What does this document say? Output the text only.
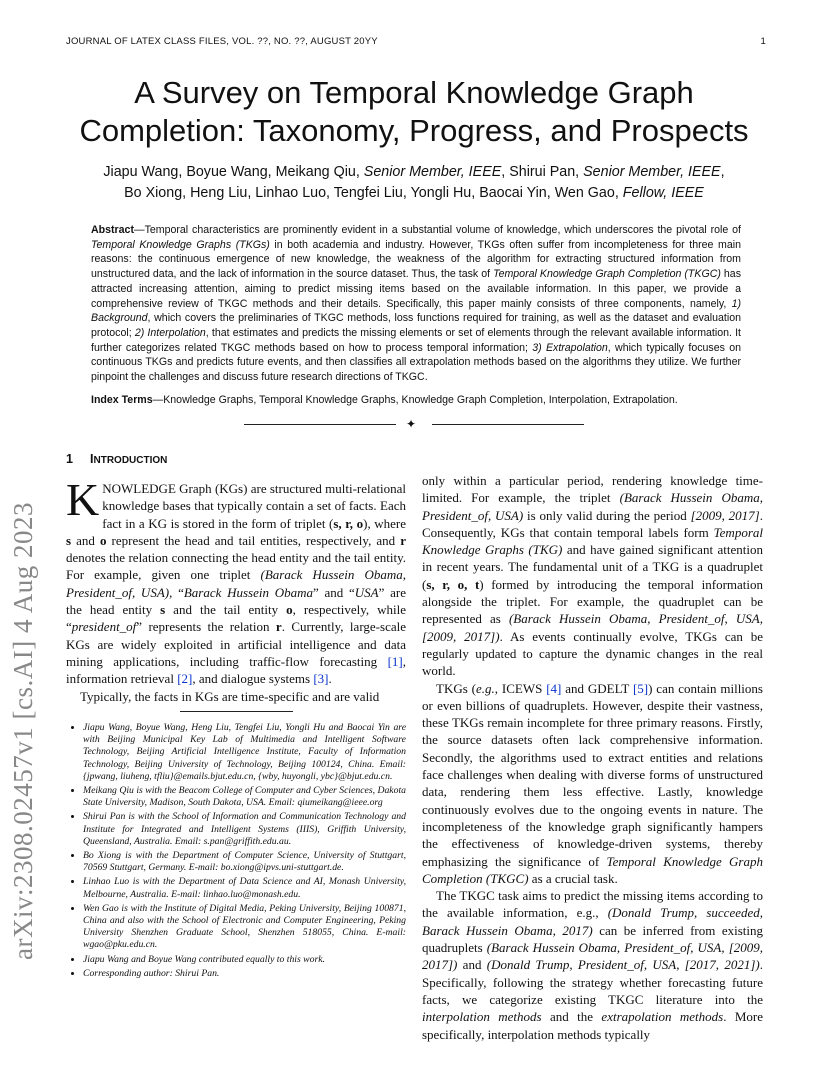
JOURNAL OF LATEX CLASS FILES, VOL. ??, NO. ??, AUGUST 20YY	1
arXiv:2308.02457v1 [cs.AI] 4 Aug 2023
A Survey on Temporal Knowledge Graph
Completion: Taxonomy, Progress, and Prospects
Jiapu Wang, Boyue Wang, Meikang Qiu, Senior Member, IEEE, Shirui Pan, Senior Member, IEEE,
Bo Xiong, Heng Liu, Linhao Luo, Tengfei Liu, Yongli Hu, Baocai Yin, Wen Gao, Fellow, IEEE
Abstract—Temporal characteristics are prominently evident in a substantial volume of knowledge, which underscores the pivotal role of Temporal Knowledge Graphs (TKGs) in both academia and industry. However, TKGs often suffer from incompleteness for three main reasons: the continuous emergence of new knowledge, the weakness of the algorithm for extracting structured information from unstructured data, and the lack of information in the source dataset. Thus, the task of Temporal Knowledge Graph Completion (TKGC) has attracted increasing attention, aiming to predict missing items based on the available information. In this paper, we provide a comprehensive review of TKGC methods and their details. Specifically, this paper mainly consists of three components, namely, 1) Background, which covers the preliminaries of TKGC methods, loss functions required for training, as well as the dataset and evaluation protocol; 2) Interpolation, that estimates and predicts the missing elements or set of elements through the relevant available information. It further categorizes related TKGC methods based on how to process temporal information; 3) Extrapolation, which typically focuses on continuous TKGs and predicts future events, and then classifies all extrapolation methods based on the algorithms they utilize. We further pinpoint the challenges and discuss future research directions of TKGC.
Index Terms—Knowledge Graphs, Temporal Knowledge Graphs, Knowledge Graph Completion, Interpolation, Extrapolation.
✦
1 INTRODUCTION

KNOWLEDGE Graph (KGs) are structured multi-relational knowledge bases that typically contain a set of facts. Each fact in a KG is stored in the form of triplet (s, r, o), where s and o represent the head and tail entities, respectively, and r denotes the relation connecting the head entity and the tail entity. For example, given one triplet (Barack Hussein Obama, President_of, USA), “Barack Hussein Obama” and “USA” are the head entity s and the tail entity o, respectively, while “president_of” represents the relation r. Currently, large-scale KGs are widely exploited in artificial intelligence and data mining applications, including traffic-flow forecasting [1], information retrieval [2], and dialogue systems [3].

Typically, the facts in KGs are time-specific and are valid

• Jiapu Wang, Boyue Wang, Heng Liu, Tengfei Liu, Yongli Hu and Baocai Yin are with Beijing Municipal Key Lab of Multimedia and Intelligent Software Technology, Beijing Artificial Intelligence Institute, Faculty of Information Technology, Beijing University of Technology, Beijing 100124, China. Email: {jpwang, liuheng, tfliu}@emails.bjut.edu.cn, {wby, huyongli, ybc}@bjut.edu.cn.
• Meikang Qiu is with the Beacom College of Computer and Cyber Sciences, Dakota State University, Madison, South Dakota, USA. Email: qiumeikang@ieee.org
• Shirui Pan is with the School of Information and Communication Technology and Institute for Integrated and Intelligent Systems (IIIS), Griffith University, Queensland, Australia. Email: s.pan@griffith.edu.au.
• Bo Xiong is with the Department of Computer Science, University of Stuttgart, 70569 Stuttgart, Germany. E-mail: bo.xiong@ipvs.uni-stuttgart.de.
• Linhao Luo is with the Department of Data Science and AI, Monash University, Melbourne, Australia. E-mail: linhao.luo@monash.edu.
• Wen Gao is with the Institute of Digital Media, Peking University, Beijing 100871, China and also with the School of Electronic and Computer Engineering, Peking University Shenzhen Graduate School, Shenzhen 518055, China. E-mail: wgao@pku.edu.cn.
• Jiapu Wang and Boyue Wang contributed equally to this work.
• Corresponding author: Shirui Pan.

only within a particular period, rendering knowledge time-limited. For example, the triplet (Barack Hussein Obama, President_of, USA) is only valid during the period [2009, 2017]. Consequently, KGs that contain temporal labels form Temporal Knowledge Graphs (TKG) and have gained significant attention in recent years. The fundamental unit of a TKG is a quadruplet (s, r, o, t) formed by introducing the temporal information alongside the triplet. For example, the quadruplet can be represented as (Barack Hussein Obama, President_of, USA, [2009, 2017]). As events continually evolve, TKGs can be regularly updated to capture the dynamic changes in the real world.

TKGs (e.g., ICEWS [4] and GDELT [5]) can contain millions or even billions of quadruplets. However, despite their vastness, these TKGs remain incomplete for three primary reasons. Firstly, the source datasets often lack comprehensive information. Secondly, the algorithms used to extract entities and relations face challenges when dealing with diverse forms of unstructured data, rendering them less effective. Lastly, knowledge continuously evolves due to the ongoing events in nature. The incompleteness of the knowledge graph significantly hampers the effectiveness of knowledge-driven systems, thereby emphasizing the significance of Temporal Knowledge Graph Completion (TKGC) as a crucial task.

The TKGC task aims to predict the missing items according to the available information, e.g., (Donald Trump, succeeded, Barack Hussein Obama, 2017) can be inferred from existing quadruplets (Barack Hussein Obama, President_of, USA, [2009, 2017]) and (Donald Trump, President_of, USA, [2017, 2021]). Specifically, following the strategy whether forecasting future facts, we categorize existing TKGC literature into the interpolation methods and the extrapolation methods. More specifically, interpolation methods typically
